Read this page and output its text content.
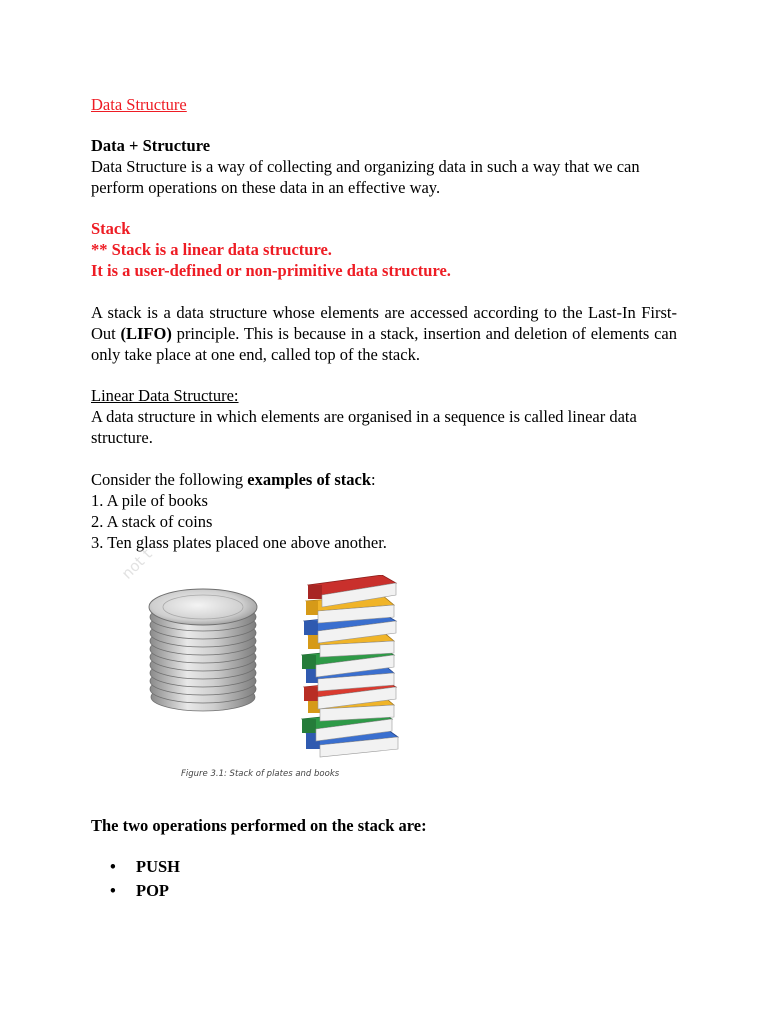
Data Structure
Data + Structure
Data Structure is a way of collecting and organizing data in such a way that we can perform operations on these data in an effective way.
Stack
** Stack is a linear data structure.
It is a user-defined or non-primitive data structure.
A stack is a data structure whose elements are accessed according to the Last-In First-Out (LIFO) principle. This is because in a stack, insertion and deletion of elements can only take place at one end, called top of the stack.
Linear Data Structure:
A data structure in which elements are organised in a sequence is called linear data structure.
Consider the following examples of stack:
1. A pile of books
2. A stack of coins
3. Ten glass plates placed one above another.
not t
Figure 3.1: Stack of plates and books
The two operations performed on the stack are:
• PUSH
• POP
